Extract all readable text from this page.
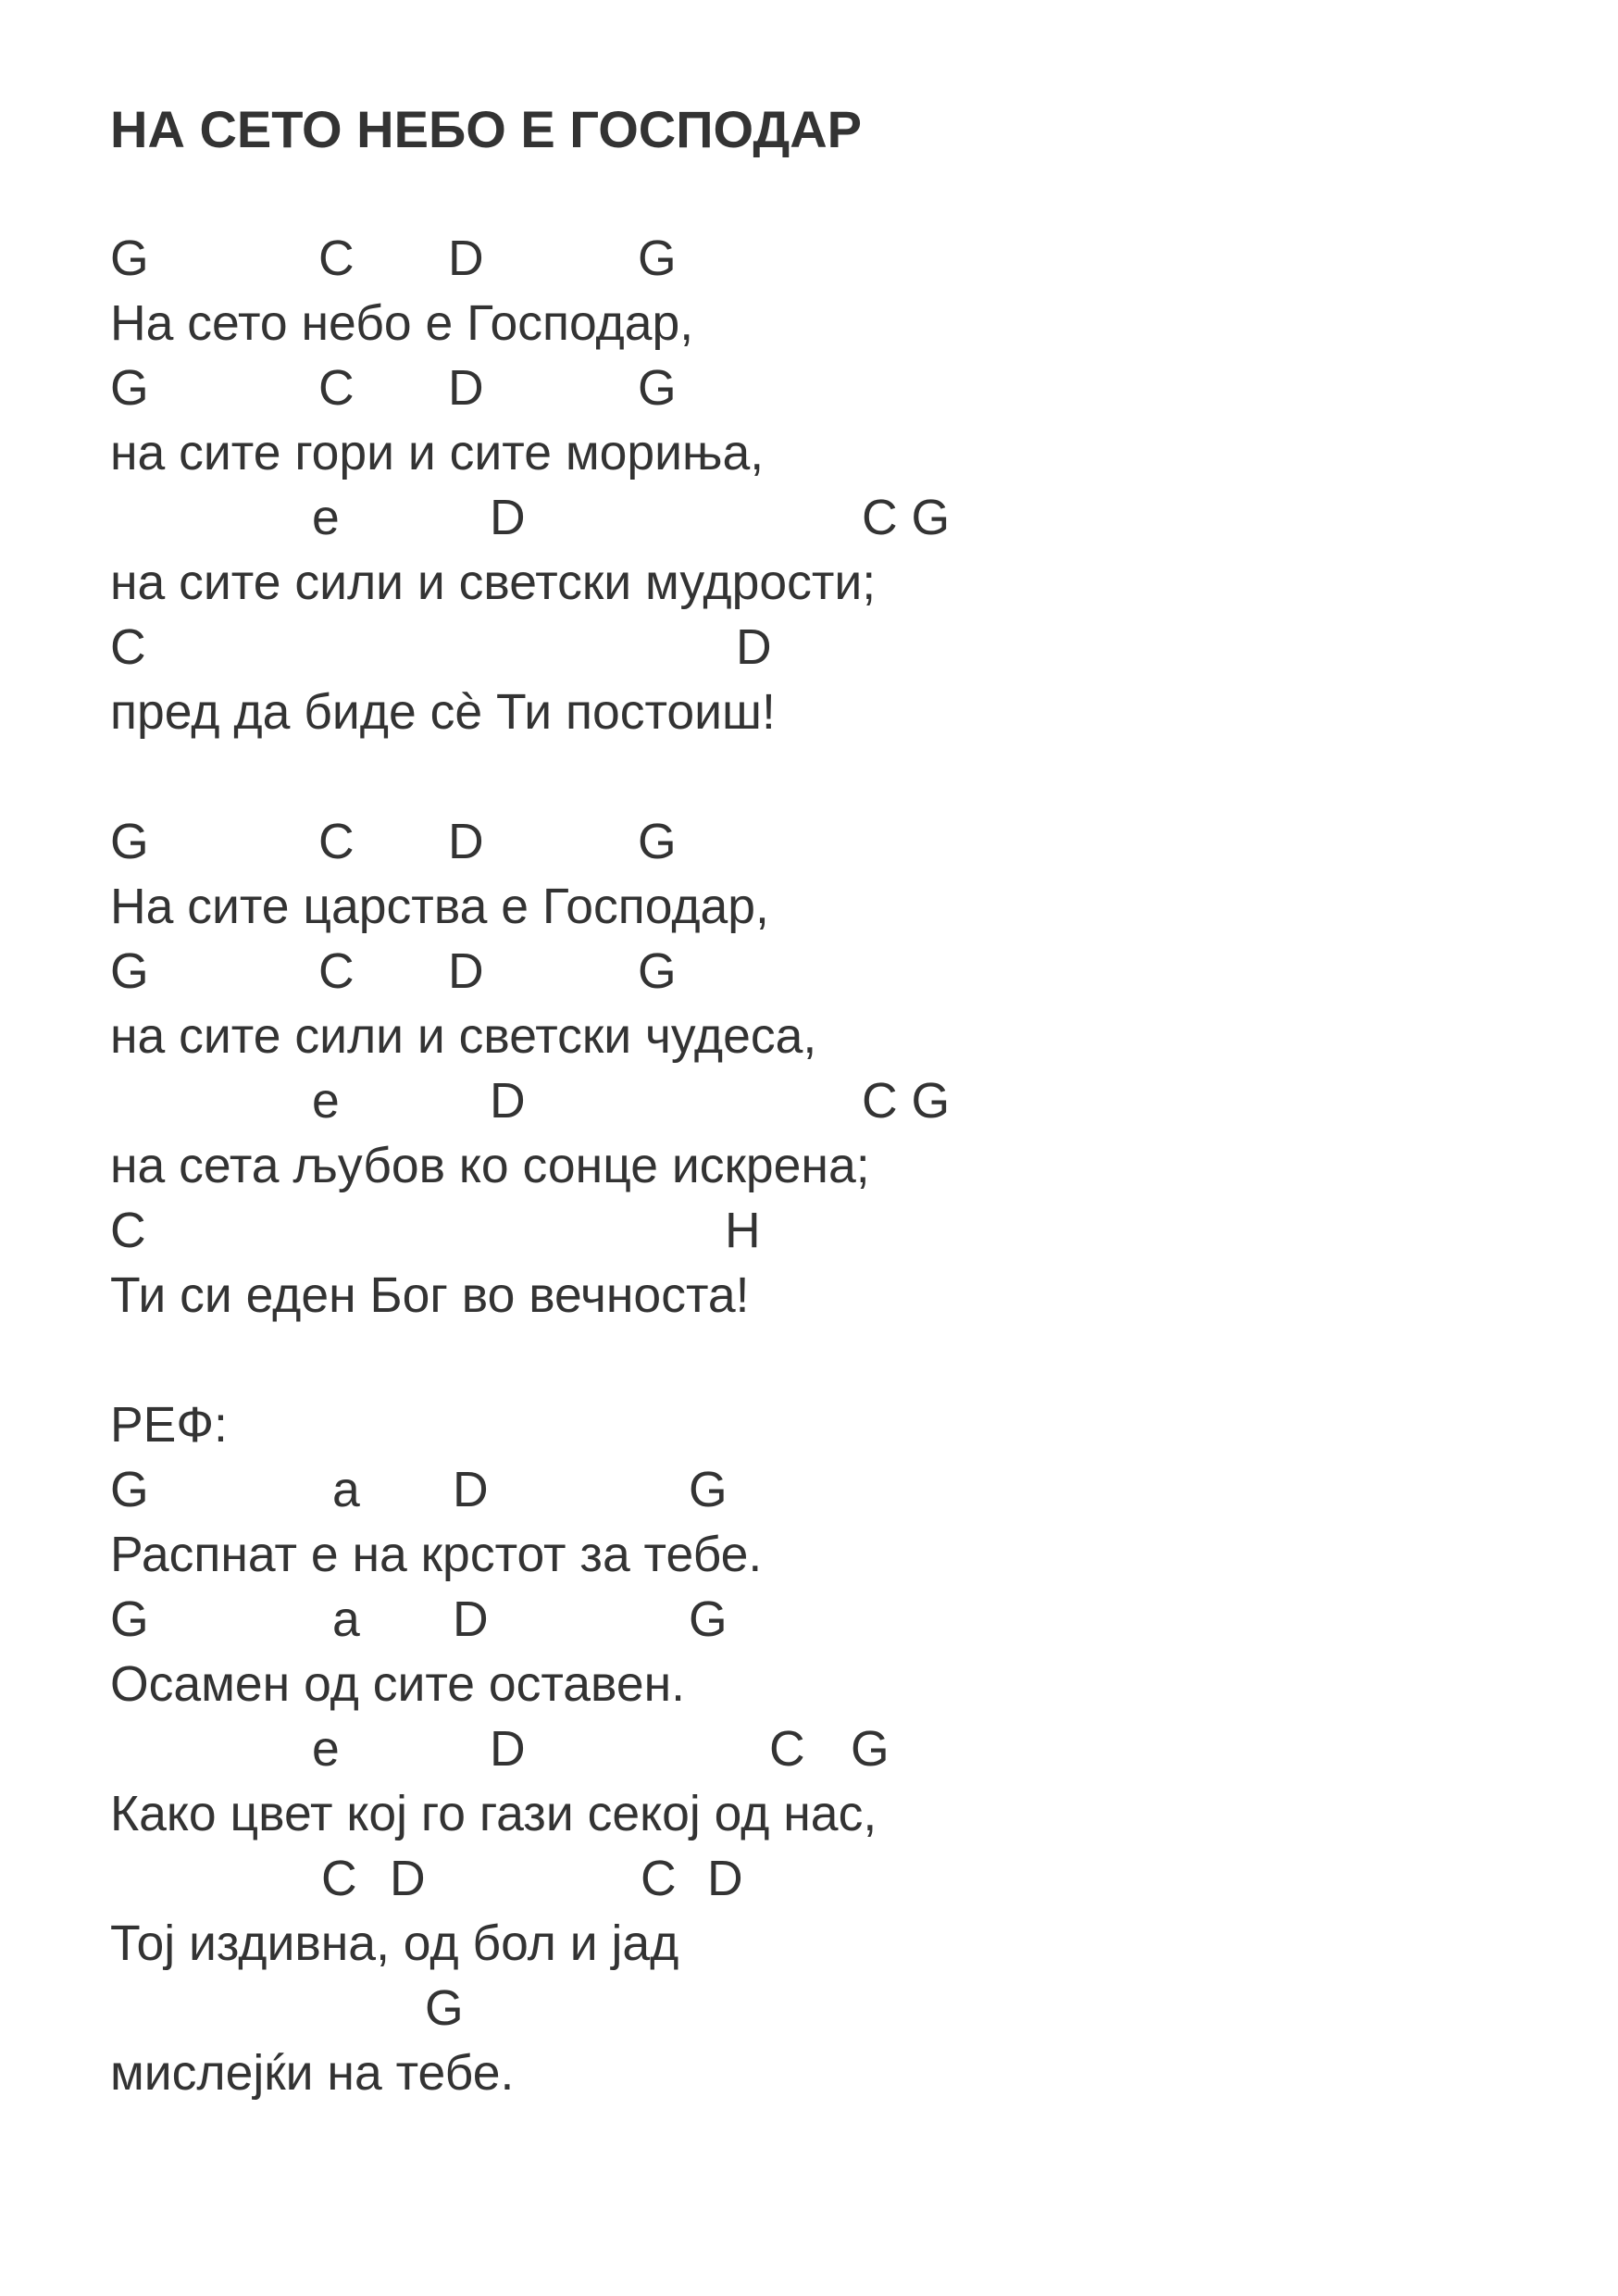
НА СЕТО НЕБО Е ГОСПОДАР

G

	C

D

	G

На сето небо е Господар,

G

	C

D

	G

на сите гори и сите морињa,

e

	D

	C G

на сите сили и светски мудрости;

C

	D

пред да биде сѐ Ти постоиш!

G

	C

D

	G

На сите царства е Господар,

G

	C

D

	G

на сите сили и светски чудеса,

e

	D

	C G

на сета љубов ко сонце искрена;

C

	H

Ти си еден Бог во вечноста!
РЕФ:

G

	a

D

	G

Распнат е на крстот за тебе.

G

	a

D

	G

Осамен од сите оставен.

e

	D

	C

G

Како цвет кој го гази секој од нас,

C

D

	C

D

Тој издивна, од бол и јад

G

мислејќи на тебе.
